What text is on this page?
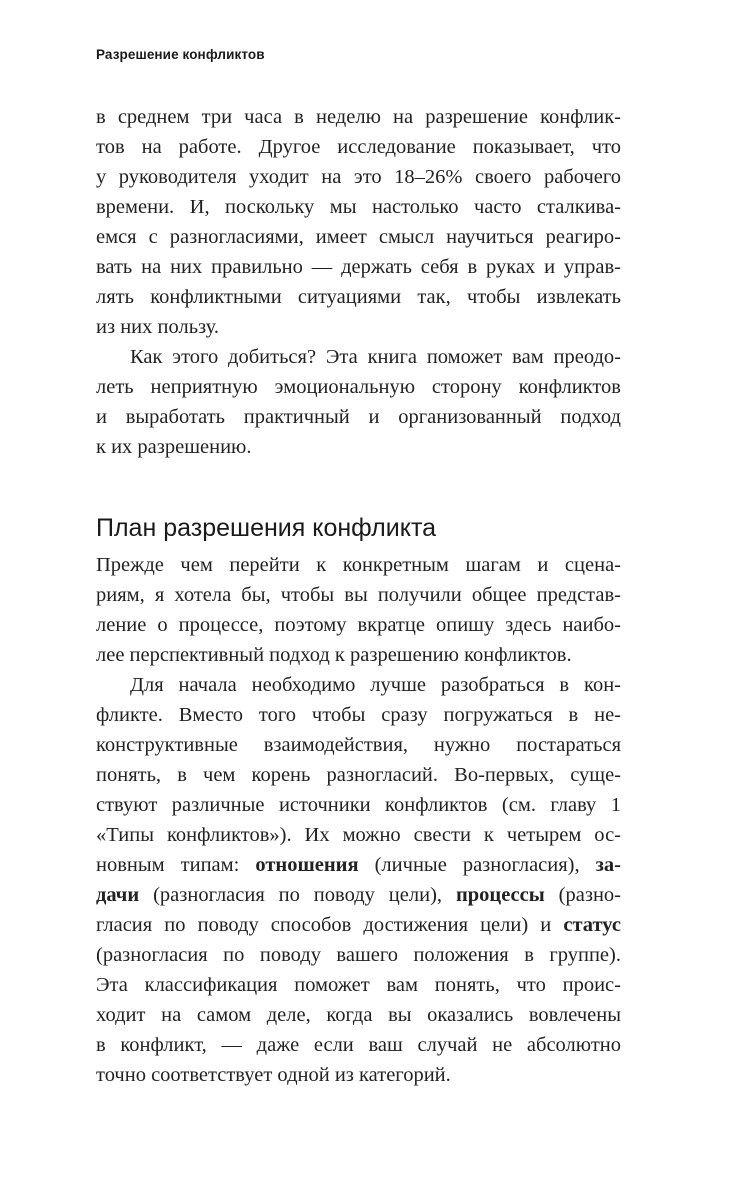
Разрешение конфликтов
в среднем три часа в неделю на разрешение конфлик-
тов на работе. Другое исследование показывает, что
у руководителя уходит на это 18–26% своего рабочего
времени. И, поскольку мы настолько часто сталкива-
емся с разногласиями, имеет смысл научиться реагиро-
вать на них правильно — держать себя в руках и управ-
лять конфликтными ситуациями так, чтобы извлекать
из них пользу.
Как этого добиться? Эта книга поможет вам преодо-
леть неприятную эмоциональную сторону конфликтов
и выработать практичный и организованный подход
к их разрешению.
План разрешения конфликта
Прежде чем перейти к конкретным шагам и сцена-
риям, я хотела бы, чтобы вы получили общее представ-
ление о процессе, поэтому вкратце опишу здесь наибо-
лее перспективный подход к разрешению конфликтов.
Для начала необходимо лучше разобраться в кон-
фликте. Вместо того чтобы сразу погружаться в не-
конструктивные взаимодействия, нужно постараться
понять, в чем корень разногласий. Во-первых, суще-
ствуют различные источники конфликтов (см. главу 1
«Типы конфликтов»). Их можно свести к четырем ос-
новным типам: отношения (личные разногласия), за-
дачи (разногласия по поводу цели), процессы (разно-
гласия по поводу способов достижения цели) и статус
(разногласия по поводу вашего положения в группе).
Эта классификация поможет вам понять, что проис-
ходит на самом деле, когда вы оказались вовлечены
в конфликт, — даже если ваш случай не абсолютно
точно соответствует одной из категорий.
